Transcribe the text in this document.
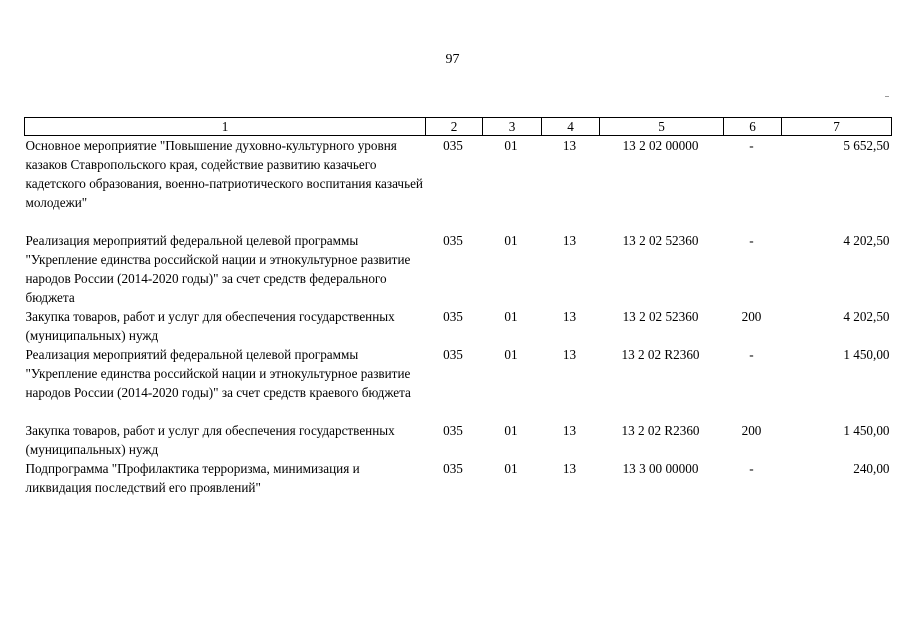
97
1	2	3	4	5	6	7
Основное мероприятие "Повышение духовно-культурного уровня казаков Ставропольского края, содействие развитию казачьего кадетского образования, военно-патриотического воспитания казачьей молодежи"	035	01	13	13 2 02 00000	-	5 652,50
Реализация мероприятий федеральной целевой программы "Укрепление единства российской нации и этнокультурное развитие народов России (2014-2020 годы)" за счет средств федерального бюджета	035	01	13	13 2 02 52360	-	4 202,50
Закупка товаров, работ и услуг для обеспечения государственных (муниципальных) нужд	035	01	13	13 2 02 52360	200	4 202,50
Реализация мероприятий федеральной целевой программы "Укрепление единства российской нации и этнокультурное развитие народов России (2014-2020 годы)" за счет средств краевого бюджета	035	01	13	13 2 02 R2360	-	1 450,00
Закупка товаров, работ и услуг для обеспечения государственных (муниципальных) нужд	035	01	13	13 2 02 R2360	200	1 450,00
Подпрограмма "Профилактика терроризма, минимизация и ликвидация последствий его проявлений"	035	01	13	13 3 00 00000	-	240,00
